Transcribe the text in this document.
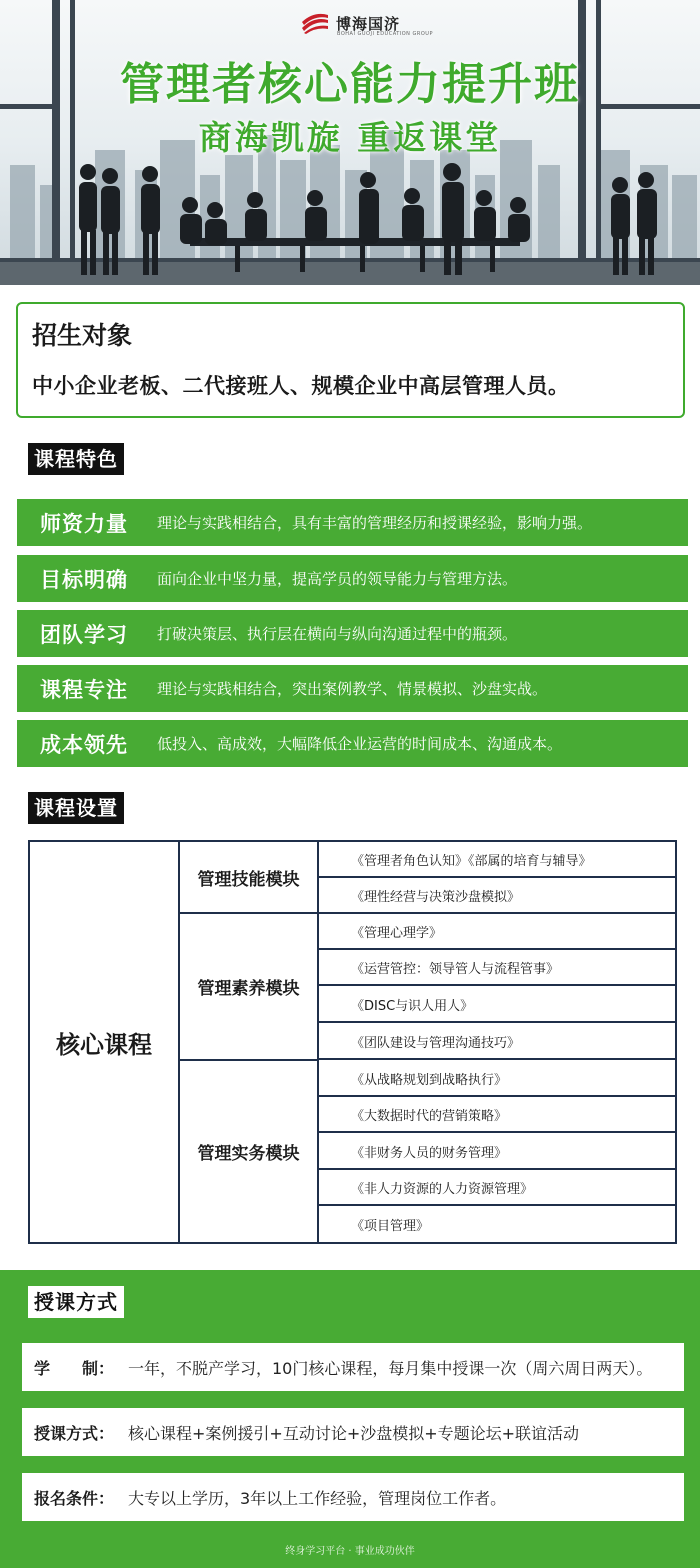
博海国济
BOHAI GUOJI EDUCATION GROUP
管理者核心能力提升班
商海凯旋 重返课堂
招生对象
中小企业老板、二代接班人、规模企业中高层管理人员。
课程特色
师资力量	理论与实践相结合，具有丰富的管理经历和授课经验，影响力强。
目标明确	面向企业中坚力量，提高学员的领导能力与管理方法。
团队学习	打破决策层、执行层在横向与纵向沟通过程中的瓶颈。
课程专注	理论与实践相结合，突出案例教学、情景模拟、沙盘实战。
成本领先	低投入、高成效，大幅降低企业运营的时间成本、沟通成本。
课程设置
核心课程
管理技能模块
《管理者角色认知》《部属的培育与辅导》
《理性经营与决策沙盘模拟》
管理素养模块
《管理心理学》
《运营管控：领导管人与流程管事》
《DISC与识人用人》
《团队建设与管理沟通技巧》
管理实务模块
《从战略规划到战略执行》
《大数据时代的营销策略》
《非财务人员的财务管理》
《非人力资源的人力资源管理》
《项目管理》
授课方式
学　　制： 一年，不脱产学习，10门核心课程，每月集中授课一次（周六周日两天）。
授课方式： 核心课程+案例援引+互动讨论+沙盘模拟+专题论坛+联谊活动
报名条件： 大专以上学历，3年以上工作经验，管理岗位工作者。
终身学习平台 · 事业成功伙伴
